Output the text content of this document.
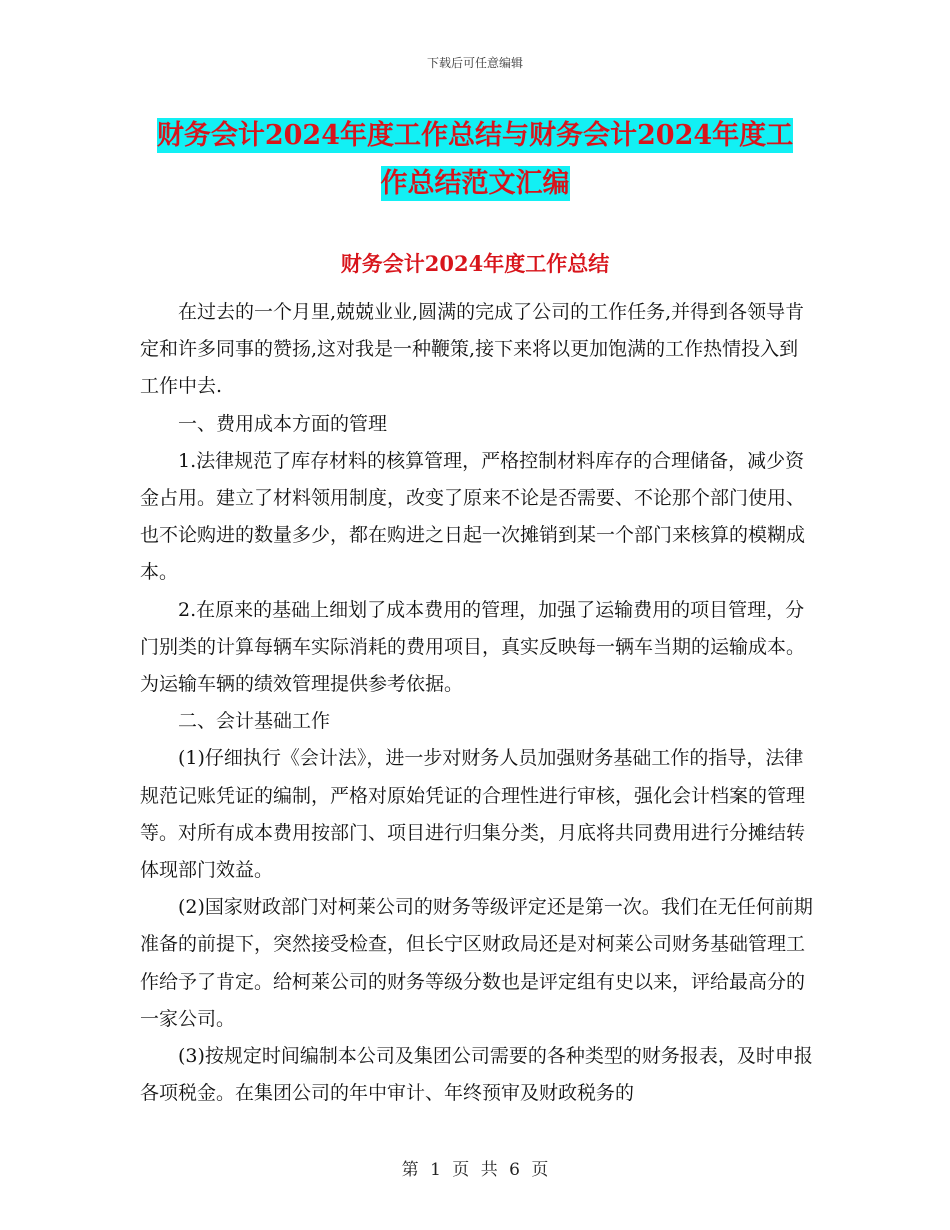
下载后可任意编辑
财务会计2024年度工作总结与财务会计2024年度工
作总结范文汇编
财务会计2024年度工作总结

在过去的一个月里,兢兢业业,圆满的完成了公司的工作任务,并得到各领导肯定和许多同事的赞扬,这对我是一种鞭策,接下来将以更加饱满的工作热情投入到工作中去.

一、费用成本方面的管理

1.法律规范了库存材料的核算管理，严格控制材料库存的合理储备，减少资金占用。建立了材料领用制度，改变了原来不论是否需要、不论那个部门使用、也不论购进的数量多少，都在购进之日起一次摊销到某一个部门来核算的模糊成本。

2.在原来的基础上细划了成本费用的管理，加强了运输费用的项目管理，分门别类的计算每辆车实际消耗的费用项目，真实反映每一辆车当期的运输成本。为运输车辆的绩效管理提供参考依据。

二、会计基础工作

(1)仔细执行《会计法》，进一步对财务人员加强财务基础工作的指导，法律规范记账凭证的编制，严格对原始凭证的合理性进行审核，强化会计档案的管理等。对所有成本费用按部门、项目进行归集分类，月底将共同费用进行分摊结转体现部门效益。

(2)国家财政部门对柯莱公司的财务等级评定还是第一次。我们在无任何前期准备的前提下，突然接受检查，但长宁区财政局还是对柯莱公司财务基础管理工作给予了肯定。给柯莱公司的财务等级分数也是评定组有史以来，评给最高分的一家公司。

(3)按规定时间编制本公司及集团公司需要的各种类型的财务报表，及时申报各项税金。在集团公司的年中审计、年终预审及财政税务的

第 1 页 共 6 页
